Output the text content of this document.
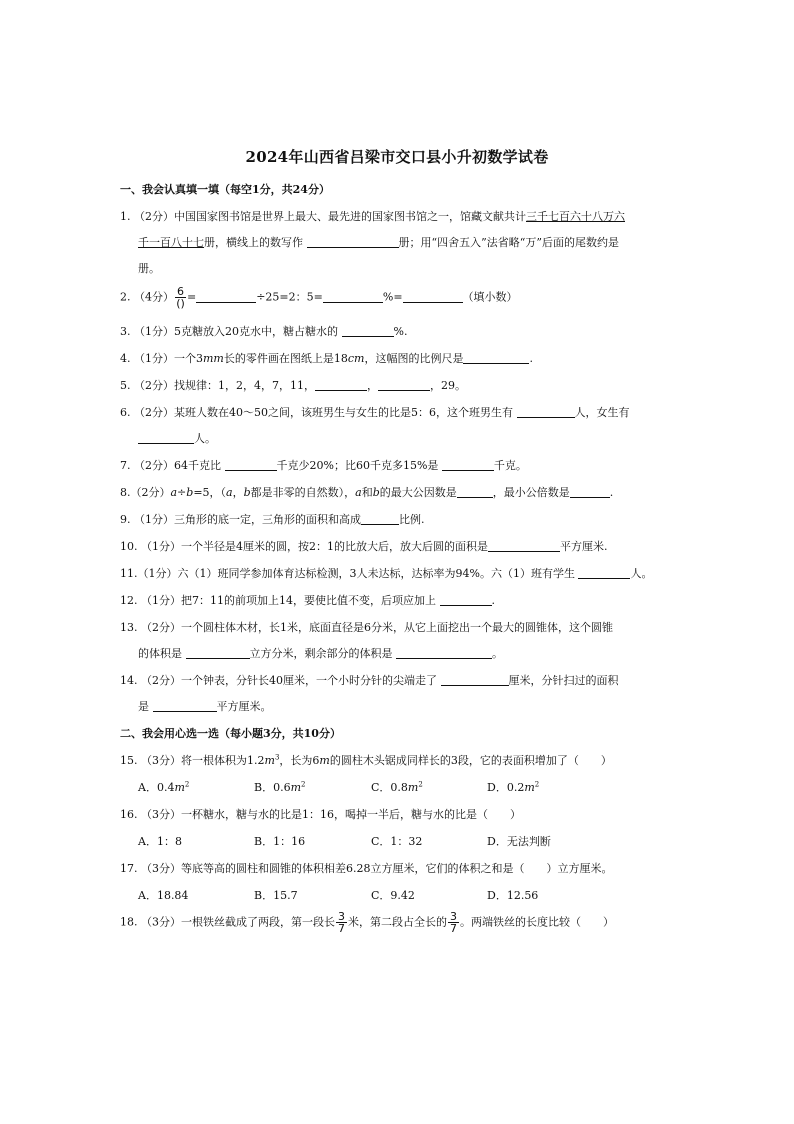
2024年山西省吕梁市交口县小升初数学试卷
一、我会认真填一填（每空1分，共24分）
1. （2分）中国国家图书馆是世界上最大、最先进的国家图书馆之一，馆藏文献共计三千七百六十八万六
千一百八十七册，横线上的数写作	册；用“四舍五入”法省略“万”后面的尾数约是
册。
2. （4分） $\frac{6}{()}$ =	÷25=2：5=	%=	（填小数）
3. （1分）5克糖放入20克水中，糖占糖水的	%.
4. （1分）一个3mm长的零件画在图纸上是18cm，这幅图的比例尺是	.
5. （2分）找规律：1，2，4，7，11，	，	，29。
6. （2分）某班人数在40～50之间，该班男生与女生的比是5：6，这个班男生有	人，女生有
人。
7. （2分）64千克比	千克少20%；比60千克多15%是	千克。
8.（2分）a÷b=5，（a，b都是非零的自然数），a和b的最大公因数是	，最小公倍数是	.
9. （1分）三角形的底一定，三角形的面积和高成	比例.
10. （1分）一个半径是4厘米的圆，按2：1的比放大后，放大后圆的面积是	平方厘米.
11.（1分）六（1）班同学参加体育达标检测，3人未达标，达标率为94%。六（1）班有学生	人。
12. （1分）把7：11的前项加上14，要使比值不变，后项应加上	.
13. （2分）一个圆柱体木材，长1米，底面直径是6分米，从它上面挖出一个最大的圆锥体，这个圆锥
的体积是	立方分米，剩余部分的体积是	。
14. （2分）一个钟表，分针长40厘米，一个小时分针的尖端走了	厘米，分针扫过的面积
是	平方厘米。
二、我会用心选一选（每小题3分，共10分）
15. （3分）将一根体积为$1.2m^3$，长为6m的圆柱木头锯成同样长的3段，它的表面积增加了（　　）
A．$0.4m^2$	B．$0.6m^2$	C．$0.8m^2$	D．$0.2m^2$
16. （3分）一杯糖水，糖与水的比是1：16，喝掉一半后，糖与水的比是（　　）
A．1：8	B．1：16	C．1：32	D．无法判断
17. （3分）等底等高的圆柱和圆锥的体积相差6.28立方厘米，它们的体积之和是（　　）立方厘米。
A．18.84	B．15.7	C．9.42	D．12.56
18. （3分）一根铁丝截成了两段，第一段长 $\frac{3}{7}$ 米，第二段占全长的 $\frac{3}{7}$ 。两端铁丝的长度比较（　　）
